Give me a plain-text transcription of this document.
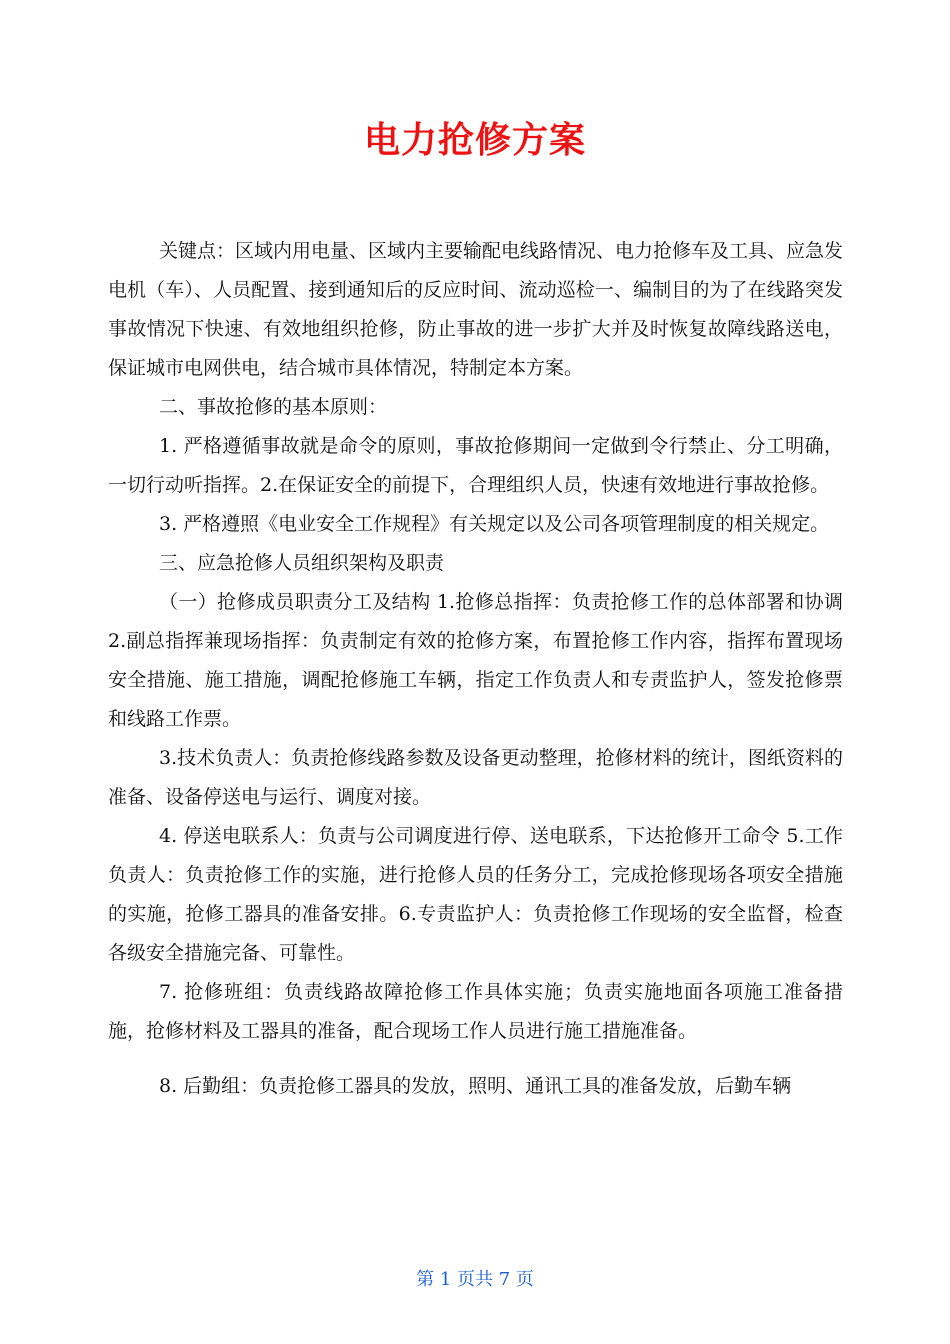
电力抢修方案

关键点：区域内用电量、区域内主要输配电线路情况、电力抢修车及工具、应急发电机（车）、人员配置、接到通知后的反应时间、流动巡检一、编制目的为了在线路突发事故情况下快速、有效地组织抢修，防止事故的进一步扩大并及时恢复故障线路送电，保证城市电网供电，结合城市具体情况，特制定本方案。

二、事故抢修的基本原则：

1. 严格遵循事故就是命令的原则，事故抢修期间一定做到令行禁止、分工明确，一切行动听指挥。2.在保证安全的前提下，合理组织人员，快速有效地进行事故抢修。

3. 严格遵照《电业安全工作规程》有关规定以及公司各项管理制度的相关规定。

三、应急抢修人员组织架构及职责

（一）抢修成员职责分工及结构 1.抢修总指挥：负责抢修工作的总体部署和协调 2.副总指挥兼现场指挥：负责制定有效的抢修方案，布置抢修工作内容，指挥布置现场安全措施、施工措施，调配抢修施工车辆，指定工作负责人和专责监护人，签发抢修票和线路工作票。

3.技术负责人：负责抢修线路参数及设备更动整理，抢修材料的统计，图纸资料的准备、设备停送电与运行、调度对接。

4. 停送电联系人：负责与公司调度进行停、送电联系，下达抢修开工命令 5.工作负责人：负责抢修工作的实施，进行抢修人员的任务分工，完成抢修现场各项安全措施的实施，抢修工器具的准备安排。6.专责监护人：负责抢修工作现场的安全监督，检查各级安全措施完备、可靠性。

7. 抢修班组：负责线路故障抢修工作具体实施；负责实施地面各项施工准备措施，抢修材料及工器具的准备，配合现场工作人员进行施工措施准备。

8. 后勤组：负责抢修工器具的发放，照明、通讯工具的准备发放，后勤车辆

第 1 页共 7 页
